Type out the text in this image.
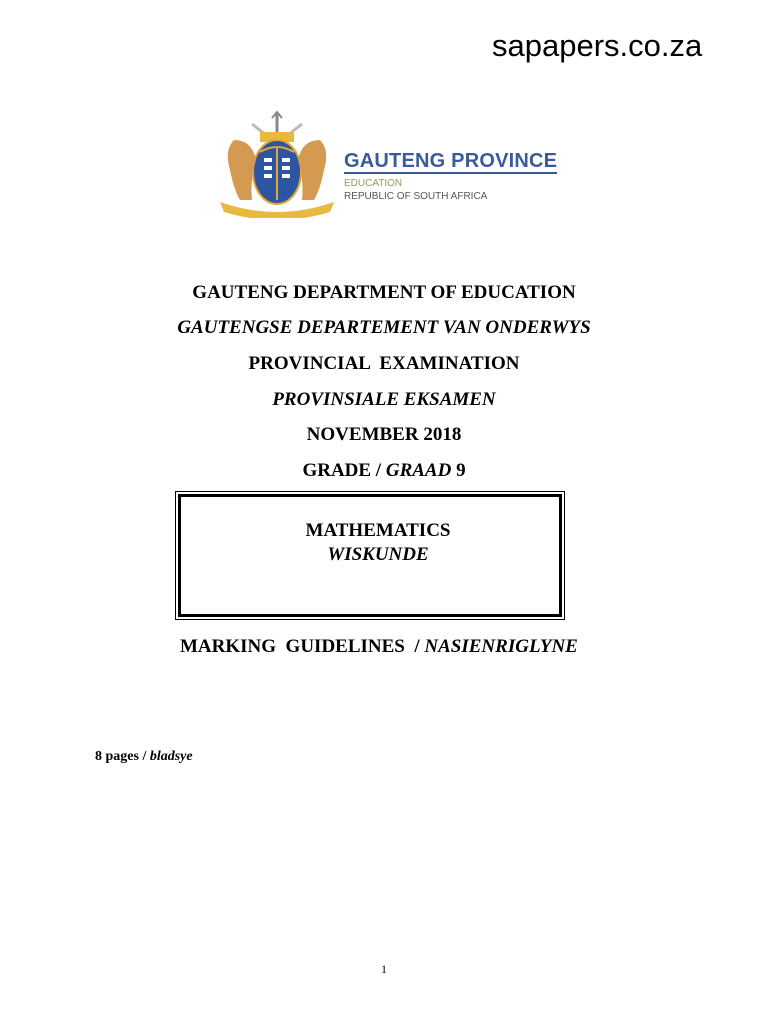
sapapers.co.za
GAUTENG PROVINCE
EDUCATION
REPUBLIC OF SOUTH AFRICA
GAUTENG DEPARTMENT OF EDUCATION
GAUTENGSE DEPARTEMENT VAN ONDERWYS
PROVINCIAL  EXAMINATION
PROVINSIALE EKSAMEN
NOVEMBER 2018
GRADE / GRAAD 9
MATHEMATICS
WISKUNDE
MARKING  GUIDELINES  / NASIENRIGLYNE
8 pages / bladsye
1
